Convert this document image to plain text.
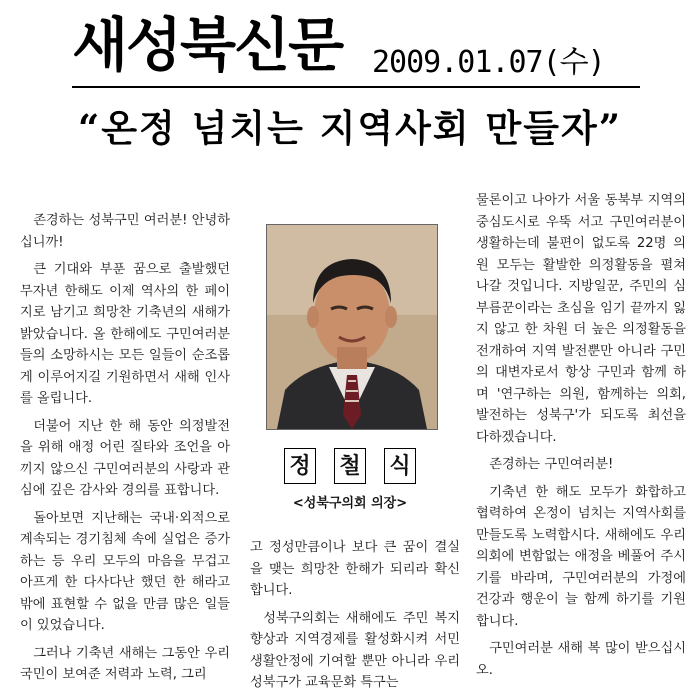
새성북신문 2009.01.07(수)
“온정 넘치는 지역사회 만들자”

존경하는 성북구민 여러분! 안녕하십니까!

큰 기대와 부푼 꿈으로 출발했던 무자년 한해도 이제 역사의 한 페이지로 남기고 희망찬 기축년의 새해가 밝았습니다. 올 한해에도 구민여러분들의 소망하시는 모든 일들이 순조롭게 이루어지길 기원하면서 새해 인사를 올립니다.

더불어 지난 한 해 동안 의정발전을 위해 애정 어린 질타와 조언을 아끼지 않으신 구민여러분의 사랑과 관심에 깊은 감사와 경의를 표합니다.

돌아보면 지난해는 국내·외적으로 계속되는 경기침체 속에 실업은 증가하는 등 우리 모두의 마음을 무겁고 아프게 한 다사다난 했던 한 해라고 밖에 표현할 수 없을 만큼 많은 일들이 있었습니다.

그러나 기축년 새해는 그동안 우리 국민이 보여준 저력과 노력, 그리

정 철 식
<성북구의회 의장>

고 정성만큼이나 보다 큰 꿈이 결실을 맺는 희망찬 한해가 되리라 확신합니다.

성북구의회는 새해에도 주민 복지향상과 지역경제를 활성화시켜 서민생활안정에 기여할 뿐만 아니라 우리 성북구가 교육문화 특구는

물론이고 나아가 서울 동북부 지역의 중심도시로 우뚝 서고 구민여러분이 생활하는데 불편이 없도록 22명 의원 모두는 활발한 의정활동을 펼쳐 나갈 것입니다. 지방일꾼, 주민의 심부름꾼이라는 초심을 임기 끝까지 잃지 않고 한 차원 더 높은 의정활동을 전개하여 지역 발전뿐만 아니라 구민의 대변자로서 항상 구민과 함께 하며 '연구하는 의원, 함께하는 의회, 발전하는 성북구'가 되도록 최선을 다하겠습니다.

존경하는 구민여러분!

기축년 한 해도 모두가 화합하고 협력하여 온정이 넘치는 지역사회를 만들도록 노력합시다. 새해에도 우리의회에 변함없는 애정을 베풀어 주시기를 바라며, 구민여러분의 가정에 건강과 행운이 늘 함께 하기를 기원합니다.

구민여러분 새해 복 많이 받으십시오.
